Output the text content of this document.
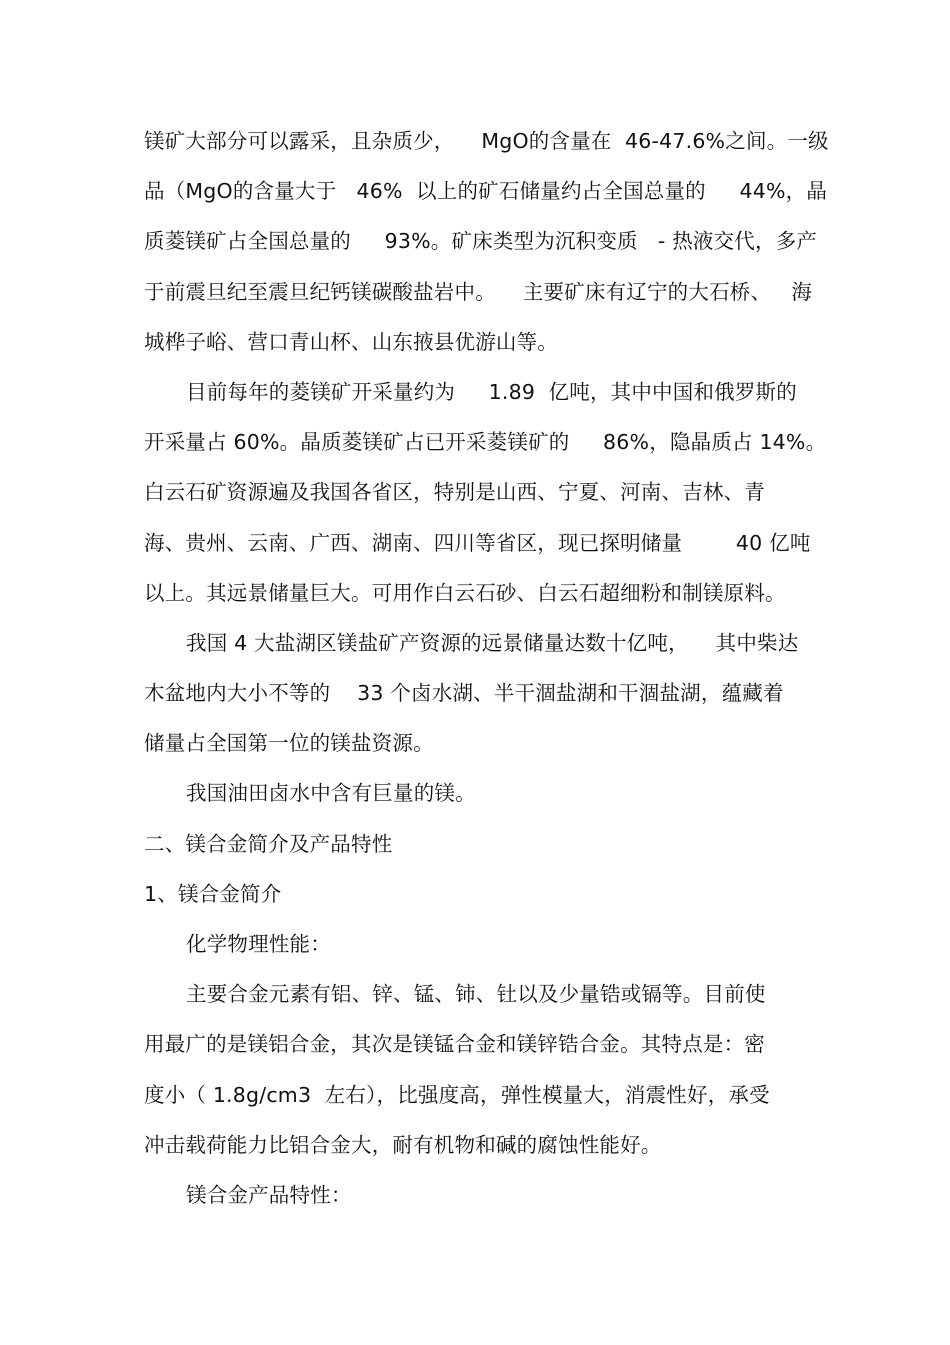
镁矿大部分可以露采，且杂质少，    MgO的含量在  46-47.6%之间。一级
品（MgO的含量大于   46%  以上的矿石储量约占全国总量的     44%，晶
质菱镁矿占全国总量的     93%。矿床类型为沉积变质   - 热液交代，多产
于前震旦纪至震旦纪钙镁碳酸盐岩中。    主要矿床有辽宁的大石桥、   海
城桦子峪、营口青山杯、山东掖县优游山等。
目前每年的菱镁矿开采量约为     1.89  亿吨，其中中国和俄罗斯的
开采量占 60%。晶质菱镁矿占已开采菱镁矿的     86%，隐晶质占 14%。
白云石矿资源遍及我国各省区，特别是山西、宁夏、河南、吉林、青
海、贵州、云南、广西、湖南、四川等省区，现已探明储量        40 亿吨
以上。其远景储量巨大。可用作白云石砂、白云石超细粉和制镁原料。
我国 4 大盐湖区镁盐矿产资源的远景储量达数十亿吨，    其中柴达
木盆地内大小不等的    33 个卤水湖、半干涸盐湖和干涸盐湖，蕴藏着
储量占全国第一位的镁盐资源。
我国油田卤水中含有巨量的镁。
二、镁合金简介及产品特性
1、镁合金简介
化学物理性能：
主要合金元素有铝、锌、锰、铈、钍以及少量锆或镉等。目前使
用最广的是镁铝合金，其次是镁锰合金和镁锌锆合金。其特点是：密
度小（ 1.8g/cm3  左右），比强度高，弹性模量大，消震性好，承受
冲击载荷能力比铝合金大，耐有机物和碱的腐蚀性能好。
镁合金产品特性：
